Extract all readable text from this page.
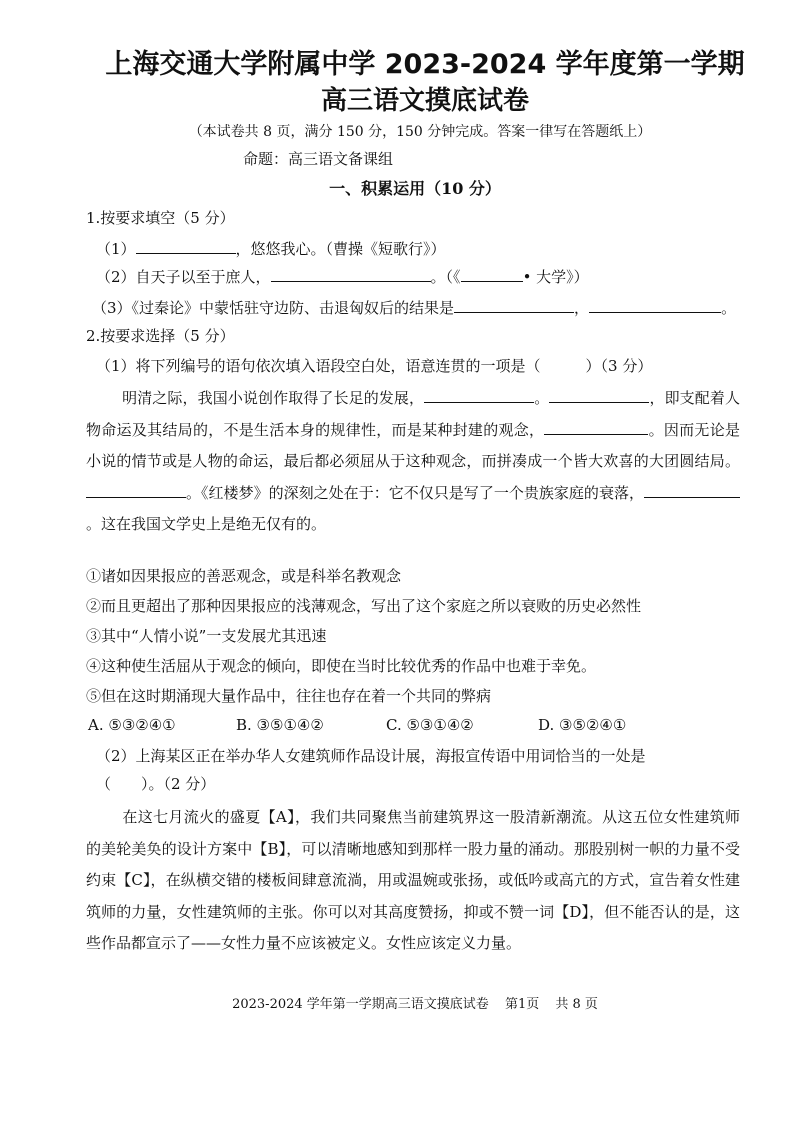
上海交通大学附属中学 2023-2024 学年度第一学期
高三语文摸底试卷
（本试卷共 8 页，满分 150 分，150 分钟完成。答案一律写在答题纸上）
命题：高三语文备课组
一、积累运用（10 分）
1.按要求填空（5 分）
（1）	，悠悠我心。（曹操《短歌行》）
（2）自天子以至于庶人，	。（《	• 大学》）
（3）《过秦论》中蒙恬驻守边防、击退匈奴后的结果是	，	。
2.按要求选择（5 分）
（1）将下列编号的语句依次填入语段空白处，语意连贯的一项是（　　　）（3 分）
明清之际，我国小说创作取得了长足的发展，	。	，即支配着人物命运及其结局的，不是生活本身的规律性，而是某种封建的观念，	。因而无论是小说的情节或是人物的命运，最后都必须屈从于这种观念，而拼凑成一个皆大欢喜的大团圆结局。。《红楼梦》的深刻之处在于：它不仅只是写了一个贵族家庭的衰落，。这在我国文学史上是绝无仅有的。
①诸如因果报应的善恶观念，或是科举名教观念
②而且更超出了那种因果报应的浅薄观念，写出了这个家庭之所以衰败的历史必然性
③其中“人情小说”一支发展尤其迅速
④这种使生活屈从于观念的倾向，即使在当时比较优秀的作品中也难于幸免。
⑤但在这时期涌现大量作品中，往往也存在着一个共同的弊病
A. ⑤③②④①	B. ③⑤①④②	C. ⑤③①④②	D. ③⑤②④①
（2）上海某区正在举办华人女建筑师作品设计展，海报宣传语中用词恰当的一处是
（　　）。（2 分）
在这七月流火的盛夏【A】，我们共同聚焦当前建筑界这一股清新潮流。从这五位女性建筑师的美轮美奂的设计方案中【B】，可以清晰地感知到那样一股力量的涌动。那股别树一帜的力量不受约束【C】，在纵横交错的楼板间肆意流淌，用或温婉或张扬，或低吟或高亢的方式，宣告着女性建筑师的力量，女性建筑师的主张。你可以对其高度赞扬，抑或不赞一词【D】，但不能否认的是，这些作品都宣示了——女性力量不应该被定义。女性应该定义力量。
2023-2024 学年第一学期高三语文摸底试卷 第1页 共 8 页
